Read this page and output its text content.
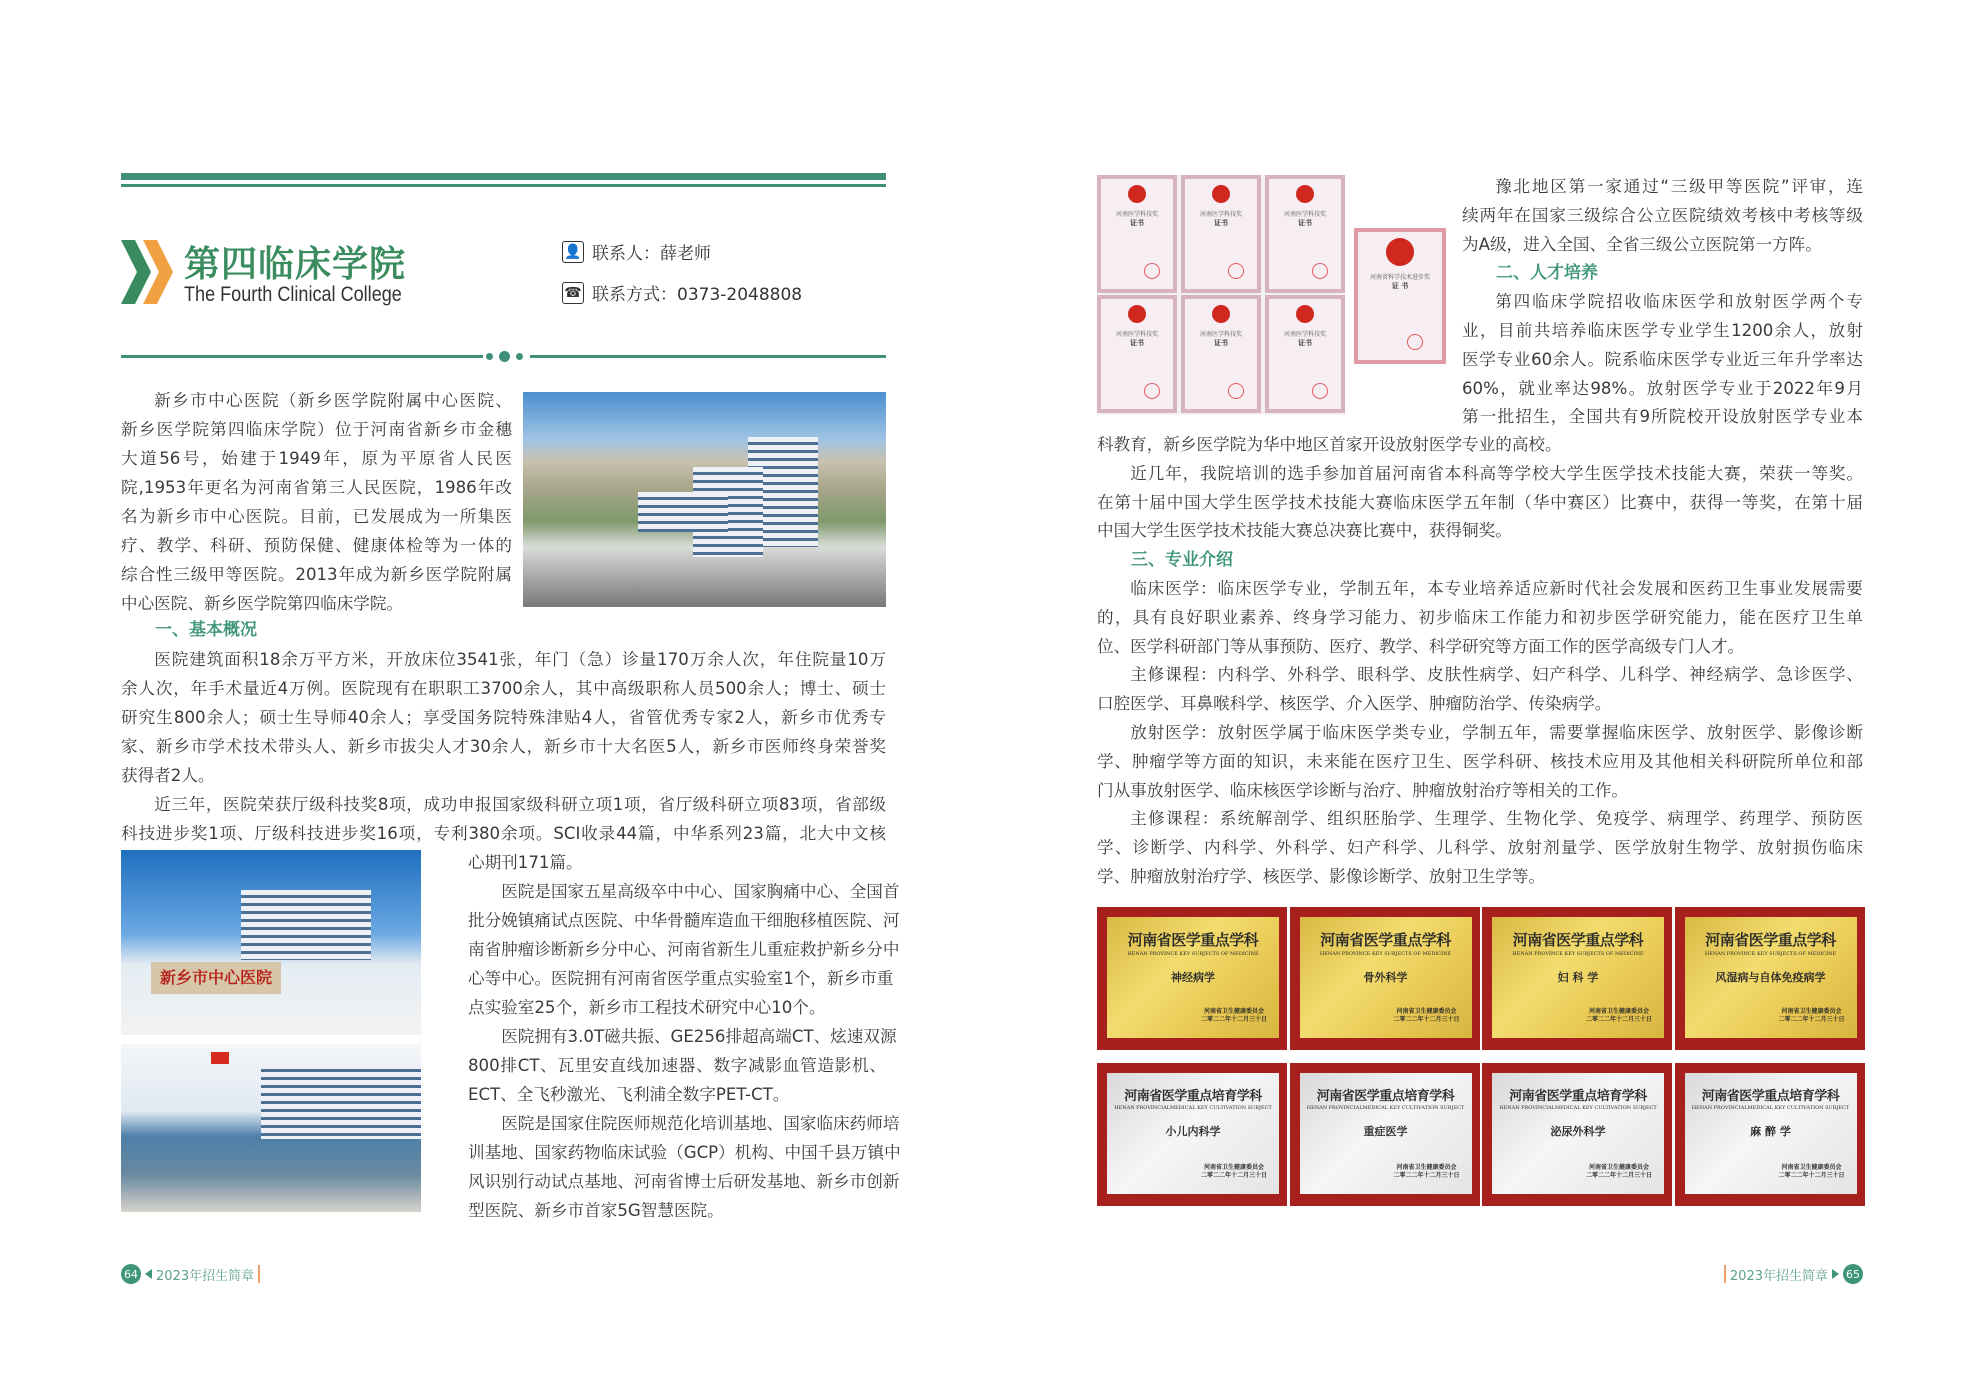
第四临床学院
The Fourth Clinical College
👤 联系人：薛老师
☎ 联系方式：0373-2048808
新乡市中心医院（新乡医学院附属中心医院、
新乡医学院第四临床学院）位于河南省新乡市金穗
大道56号，始建于1949年，原为平原省人民医
院,1953年更名为河南省第三人民医院，1986年改
名为新乡市中心医院。目前，已发展成为一所集医
疗、教学、科研、预防保健、健康体检等为一体的
综合性三级甲等医院。2013年成为新乡医学院附属
中心医院、新乡医学院第四临床学院。
一、基本概况
医院建筑面积18余万平方米，开放床位3541张，年门（急）诊量170万余人次，年住院量10万
余人次，年手术量近4万例。医院现有在职职工3700余人，其中高级职称人员500余人；博士、硕士
研究生800余人；硕士生导师40余人；享受国务院特殊津贴4人，省管优秀专家2人，新乡市优秀专
家、新乡市学术技术带头人、新乡市拔尖人才30余人，新乡市十大名医5人，新乡市医师终身荣誉奖
获得者2人。
近三年，医院荣获厅级科技奖8项，成功申报国家级科研立项1项，省厅级科研立项83项，省部级
科技进步奖1项、厅级科技进步奖16项，专利380余项。SCI收录44篇，中华系列23篇，北大中文核
新乡市中心医院
心期刊171篇。
医院是国家五星高级卒中中心、国家胸痛中心、全国首
批分娩镇痛试点医院、中华骨髓库造血干细胞移植医院、河
南省肿瘤诊断新乡分中心、河南省新生儿重症救护新乡分中
心等中心。医院拥有河南省医学重点实验室1个，新乡市重
点实验室25个，新乡市工程技术研究中心10个。
医院拥有3.0T磁共振、GE256排超高端CT、炫速双源
800排CT、瓦里安直线加速器、数字减影血管造影机、
ECT、全飞秒激光、飞利浦全数字PET-CT。
医院是国家住院医师规范化培训基地、国家临床药师培
训基地、国家药物临床试验（GCP）机构、中国千县万镇中
风识别行动试点基地、河南省博士后研发基地、新乡市创新
型医院、新乡市首家5G智慧医院。
64 2023年招生简章
河南医学科技奖
证书
河南医学科技奖
证书
河南医学科技奖
证书
河南医学科技奖
证书
河南医学科技奖
证书
河南医学科技奖
证书
豫北地区第一家通过“三级甲等医院”评审，连
续两年在国家三级综合公立医院绩效考核中考核等级
为A级，进入全国、全省三级公立医院第一方阵。
二、人才培养
第四临床学院招收临床医学和放射医学两个专
业，目前共培养临床医学专业学生1200余人，放射
医学专业60余人。院系临床医学专业近三年升学率达
60%，就业率达98%。放射医学专业于2022年9月
第一批招生，全国共有9所院校开设放射医学专业本
科教育，新乡医学院为华中地区首家开设放射医学专业的高校。
近几年，我院培训的选手参加首届河南省本科高等学校大学生医学技术技能大赛，荣获一等奖。
在第十届中国大学生医学技术技能大赛临床医学五年制（华中赛区）比赛中，获得一等奖，在第十届
中国大学生医学技术技能大赛总决赛比赛中，获得铜奖。
三、专业介绍
临床医学：临床医学专业，学制五年，本专业培养适应新时代社会发展和医药卫生事业发展需要
的，具有良好职业素养、终身学习能力、初步临床工作能力和初步医学研究能力，能在医疗卫生单
位、医学科研部门等从事预防、医疗、教学、科学研究等方面工作的医学高级专门人才。
主修课程：内科学、外科学、眼科学、皮肤性病学、妇产科学、儿科学、神经病学、急诊医学、
口腔医学、耳鼻喉科学、核医学、介入医学、肿瘤防治学、传染病学。
放射医学：放射医学属于临床医学类专业，学制五年，需要掌握临床医学、放射医学、影像诊断
学、肿瘤学等方面的知识，未来能在医疗卫生、医学科研、核技术应用及其他相关科研院所单位和部
门从事放射医学、临床核医学诊断与治疗、肿瘤放射治疗等相关的工作。
主修课程：系统解剖学、组织胚胎学、生理学、生物化学、免疫学、病理学、药理学、预防医
学、诊断学、内科学、外科学、妇产科学、儿科学、放射剂量学、医学放射生物学、放射损伤临床
学、肿瘤放射治疗学、核医学、影像诊断学、放射卫生学等。
河南省医学重点学科
HENAN PROVINCE KEY SUBJECTS OF MEDICINE
神经病学
河南省卫生健康委员会
二零二二年十二月三十日
河南省医学重点学科
HENAN PROVINCE KEY SUBJECTS OF MEDICINE
骨外科学
河南省卫生健康委员会
二零二二年十二月三十日
河南省医学重点学科
HENAN PROVINCE KEY SUBJECTS OF MEDICINE
妇 科 学
河南省卫生健康委员会
二零二二年十二月三十日
河南省医学重点学科
HENAN PROVINCE KEY SUBJECTS OF MEDICINE
风湿病与自体免疫病学
河南省卫生健康委员会
二零二二年十二月三十日
河南省医学重点培育学科
HENAN PROVINCIALMEDICAL KEY CULTIVATION SUBJECT
小儿内科学
河南省卫生健康委员会
二零二二年十二月三十日
河南省医学重点培育学科
HENAN PROVINCIALMEDICAL KEY CULTIVATION SUBJECT
重症医学
河南省卫生健康委员会
二零二二年十二月三十日
河南省医学重点培育学科
HENAN PROVINCIALMEDICAL KEY CULTIVATION SUBJECT
泌尿外科学
河南省卫生健康委员会
二零二二年十二月三十日
河南省医学重点培育学科
HENAN PROVINCIALMEDICAL KEY CULTIVATION SUBJECT
麻 醉 学
河南省卫生健康委员会
二零二二年十二月三十日
2023年招生简章 65
河南省科学技术进步奖
证 书
